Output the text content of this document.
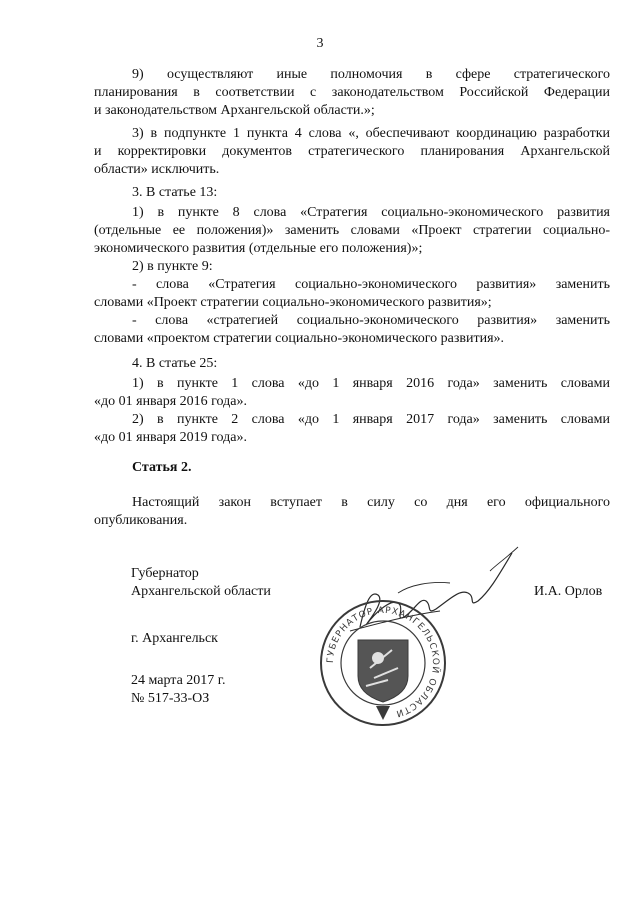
3
9) осуществляют иные полномочия в сфере стратегического
планирования в соответствии с законодательством Российской Федерации
и законодательством Архангельской области.»;
3) в подпункте 1 пункта 4 слова «, обеспечивают координацию разработки
и корректировки документов стратегического планирования Архангельской
области» исключить.
3. В статье 13:
1) в пункте 8 слова «Стратегия социально-экономического развития
(отдельные ее положения)» заменить словами «Проект стратегии социально-
экономического развития (отдельные его положения)»;
2) в пункте 9:
- слова «Стратегия социально-экономического развития» заменить
словами «Проект стратегии социально-экономического развития»;
- слова «стратегией социально-экономического развития» заменить
словами «проектом стратегии социально-экономического развития».
4. В статье 25:
1) в пункте 1 слова «до 1 января 2016 года» заменить словами
«до 01 января 2016 года».
2) в пункте 2 слова «до 1 января 2017 года» заменить словами
«до 01 января 2019 года».
Статья 2.
Настоящий закон вступает в силу со дня его официального
опубликования.
Губернатор
Архангельской области	И.А. Орлов
ГУБЕРНАТОР АРХАНГЕЛЬСКОЙ ОБЛАСТИ
г. Архангельск
24 марта 2017 г.
№ 517-33-ОЗ
